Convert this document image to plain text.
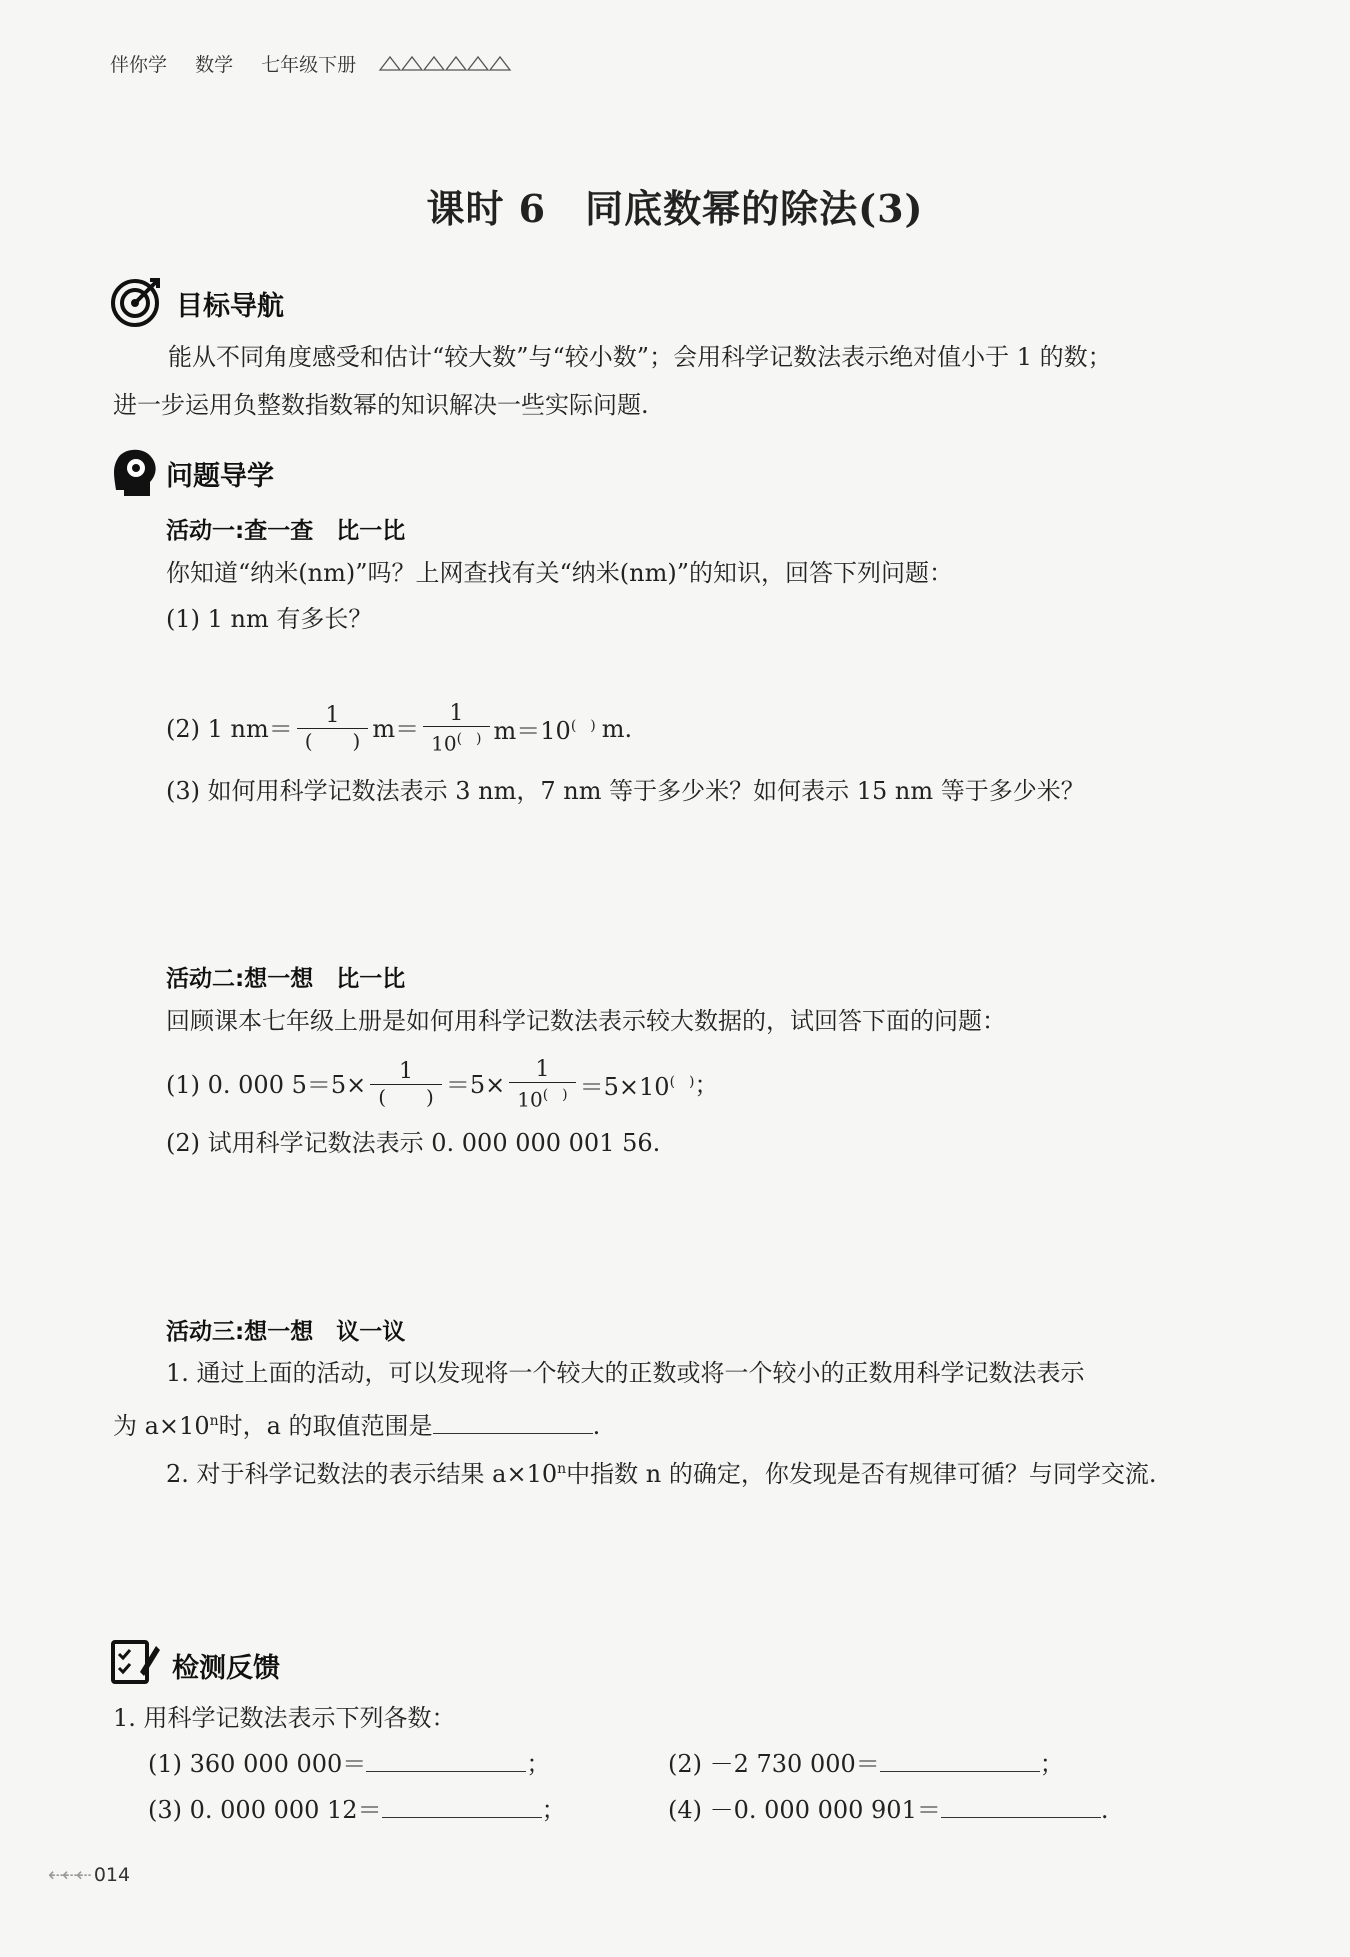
伴你学 数学 七年级下册
课时 6　同底数幂的除法(3)
目标导航
能从不同角度感受和估计“较大数”与“较小数”；会用科学记数法表示绝对值小于 1 的数；
进一步运用负整数指数幂的知识解决一些实际问题.
问题导学
活动一:查一查　比一比
你知道“纳米(nm)”吗？上网查找有关“纳米(nm)”的知识，回答下列问题：
(1) 1 nm 有多长？
(2) 1 $nm= \frac{1}{( )} m= \frac{1}{10^{( )}} m=10^{( )}$ m.
(3) 如何用科学记数法表示 3 nm，7 nm 等于多少米？如何表示 15 nm 等于多少米？
活动二:想一想　比一比
回顾课本七年级上册是如何用科学记数法表示较大数据的，试回答下面的问题：
(1) 0. 000 $5=5\times \frac{1}{( )} =5\times \frac{1}{10^{( )}} =5\times 10^{( )}$ ；
(2) 试用科学记数法表示 0. 000 000 001 56.
活动三:想一想　议一议
1. 通过上面的活动，可以发现将一个较大的正数或将一个较小的正数用科学记数法表示
为 $a\times 10^n$时，a 的取值范围是	.
2. 对于科学记数法的表示结果 $a\times 10^n$中指数 n 的确定，你发现是否有规律可循？与同学交流.
检测反馈
1. 用科学记数法表示下列各数：
(1) 360 000 000＝	；	(2) －2 730 000＝	；
(3) 0. 000 000 12＝	；	(4) －0. 000 000 901＝	.
⇠⇠⇠ 014
